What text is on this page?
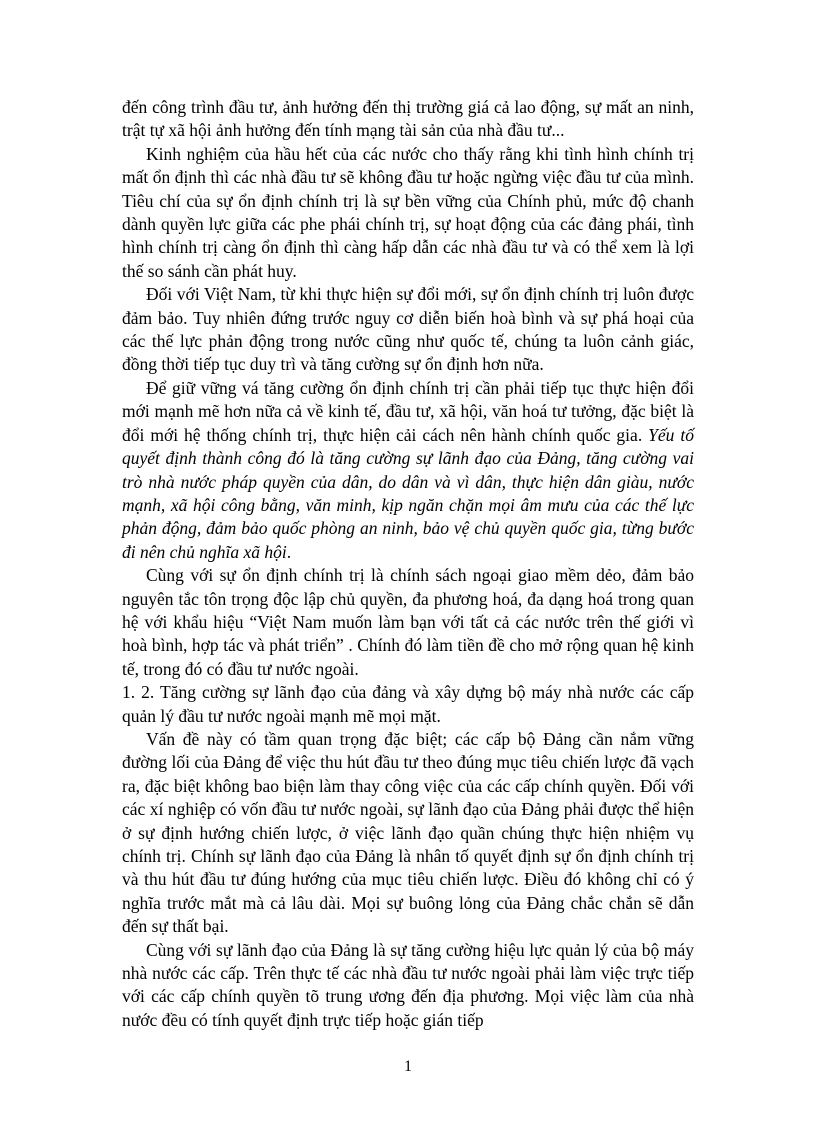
đến công trình đầu tư, ảnh hưởng đến thị trường giá cả lao động, sự mất an ninh, trật tự xã hội ảnh hưởng đến tính mạng tài sản của nhà đầu tư...

Kinh nghiệm của hầu hết của các nước cho thấy rằng khi tình hình chính trị mất ổn định thì các nhà đầu tư sẽ không đầu tư hoặc ngừng việc đầu tư của mình. Tiêu chí của sự ổn định chính trị là sự bền vững của Chính phủ, mức độ chanh dành quyền lực giữa các phe phái chính trị, sự hoạt động của các đảng phái, tình hình chính trị càng ổn định thì càng hấp dẫn các nhà đầu tư và có thể xem là lợi thế so sánh cần phát huy.

Đối với Việt Nam, từ khi thực hiện sự đổi mới, sự ổn định chính trị luôn được đảm bảo. Tuy nhiên đứng trước nguy cơ diễn biến hoà bình và sự phá hoại của các thế lực phản động trong nước cũng như quốc tế, chúng ta luôn cảnh giác, đồng thời tiếp tục duy trì và tăng cường sự ổn định hơn nữa.

Để giữ vững vá tăng cường ổn định chính trị cần phải tiếp tục thực hiện đổi mới mạnh mẽ hơn nữa cả về kinh tế, đầu tư, xã hội, văn hoá tư tưởng, đặc biệt là đổi mới hệ thống chính trị, thực hiện cải cách nên hành chính quốc gia. Yếu tố quyết định thành công đó là tăng cường sự lãnh đạo của Đảng, tăng cường vai trò nhà nước pháp quyền của dân, do dân và vì dân, thực hiện dân giàu, nước mạnh, xã hội công bằng, văn minh, kịp ngăn chặn mọi âm mưu của các thế lực phản động, đảm bảo quốc phòng an ninh, bảo vệ chủ quyền quốc gia, từng bước đi nên chủ nghĩa xã hội.

Cùng với sự ổn định chính trị là chính sách ngoại giao mềm dẻo, đảm bảo nguyên tắc tôn trọng độc lập chủ quyền, đa phương hoá, đa dạng hoá trong quan hệ với khẩu hiệu “Việt Nam muốn làm bạn với tất cả các nước trên thế giới vì hoà bình, hợp tác và phát triển” . Chính đó làm tiền đề cho mở rộng quan hệ kinh tế, trong đó có đầu tư nước ngoài.

1. 2. Tăng cường sự lãnh đạo của đảng và xây dựng bộ máy nhà nước các cấp quản lý đầu tư nước ngoài mạnh mẽ mọi mặt.

Vấn đề này có tầm quan trọng đặc biệt; các cấp bộ Đảng cần nắm vững đường lối của Đảng để việc thu hút đầu tư theo đúng mục tiêu chiến lược đã vạch ra, đặc biệt không bao biện làm thay công việc của các cấp chính quyền. Đối với các xí nghiệp có vốn đầu tư nước ngoài, sự lãnh đạo của Đảng phải được thể hiện ở sự định hướng chiến lược, ở việc lãnh đạo quần chúng thực hiện nhiệm vụ chính trị. Chính sự lãnh đạo của Đảng là nhân tố quyết định sự ổn định chính trị và thu hút đầu tư đúng hướng của mục tiêu chiến lược. Điều đó không chỉ có ý nghĩa trước mắt mà cả lâu dài. Mọi sự buông lỏng của Đảng chắc chắn sẽ dẫn đến sự thất bại.

Cùng với sự lãnh đạo của Đảng là sự tăng cường hiệu lực quản lý của bộ máy nhà nước các cấp. Trên thực tế các nhà đầu tư nước ngoài phải làm việc trực tiếp với các cấp chính quyền tõ trung ương đến địa phương. Mọi việc làm của nhà nước đều có tính quyết định trực tiếp hoặc gián tiếp

1
